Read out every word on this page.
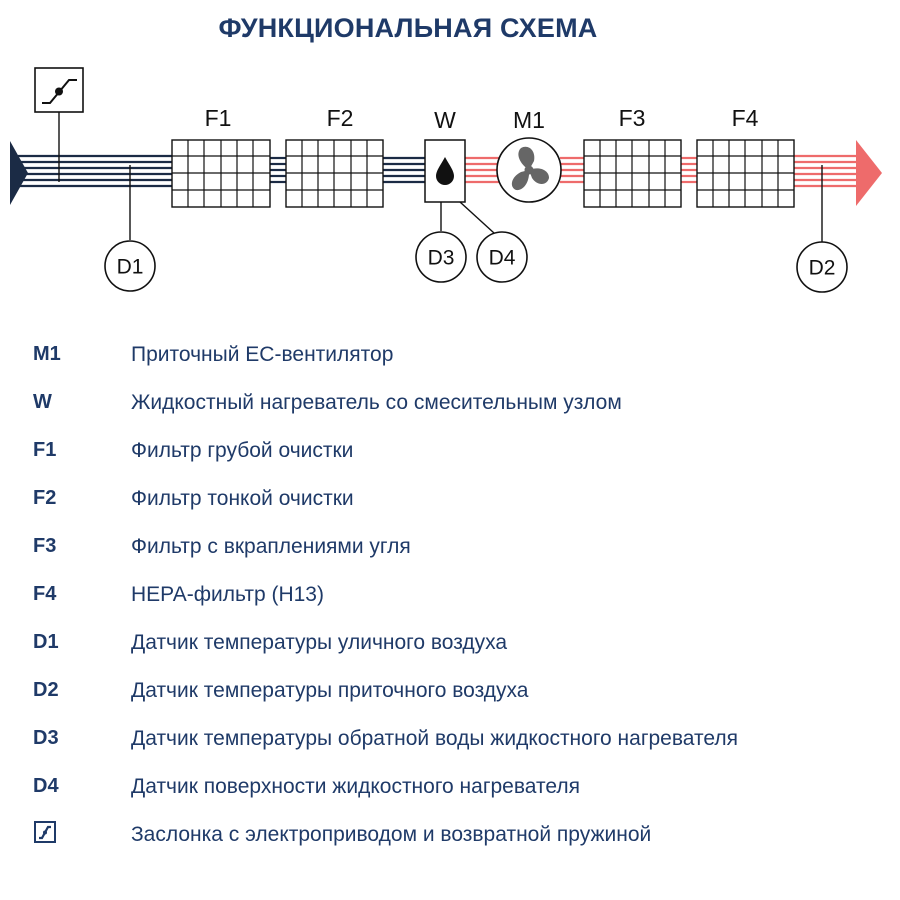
ФУНКЦИОНАЛЬНАЯ СХЕМА
D1	D3 D4	D2
F1	F2	W M1	F3	F4
M1	Приточный ЕС-вентилятор
W	Жидкостный нагреватель со смесительным узлом
F1	Фильтр грубой очистки
F2	Фильтр тонкой очистки
F3	Фильтр с вкраплениями угля
F4	НЕРА-фильтр (Н13)
D1	Датчик температуры уличного воздуха
D2	Датчик температуры приточного воздуха
D3	Датчик температуры обратной воды жидкостного нагревателя
D4	Датчик поверхности жидкостного нагревателя
Заслонка с электроприводом и возвратной пружиной
